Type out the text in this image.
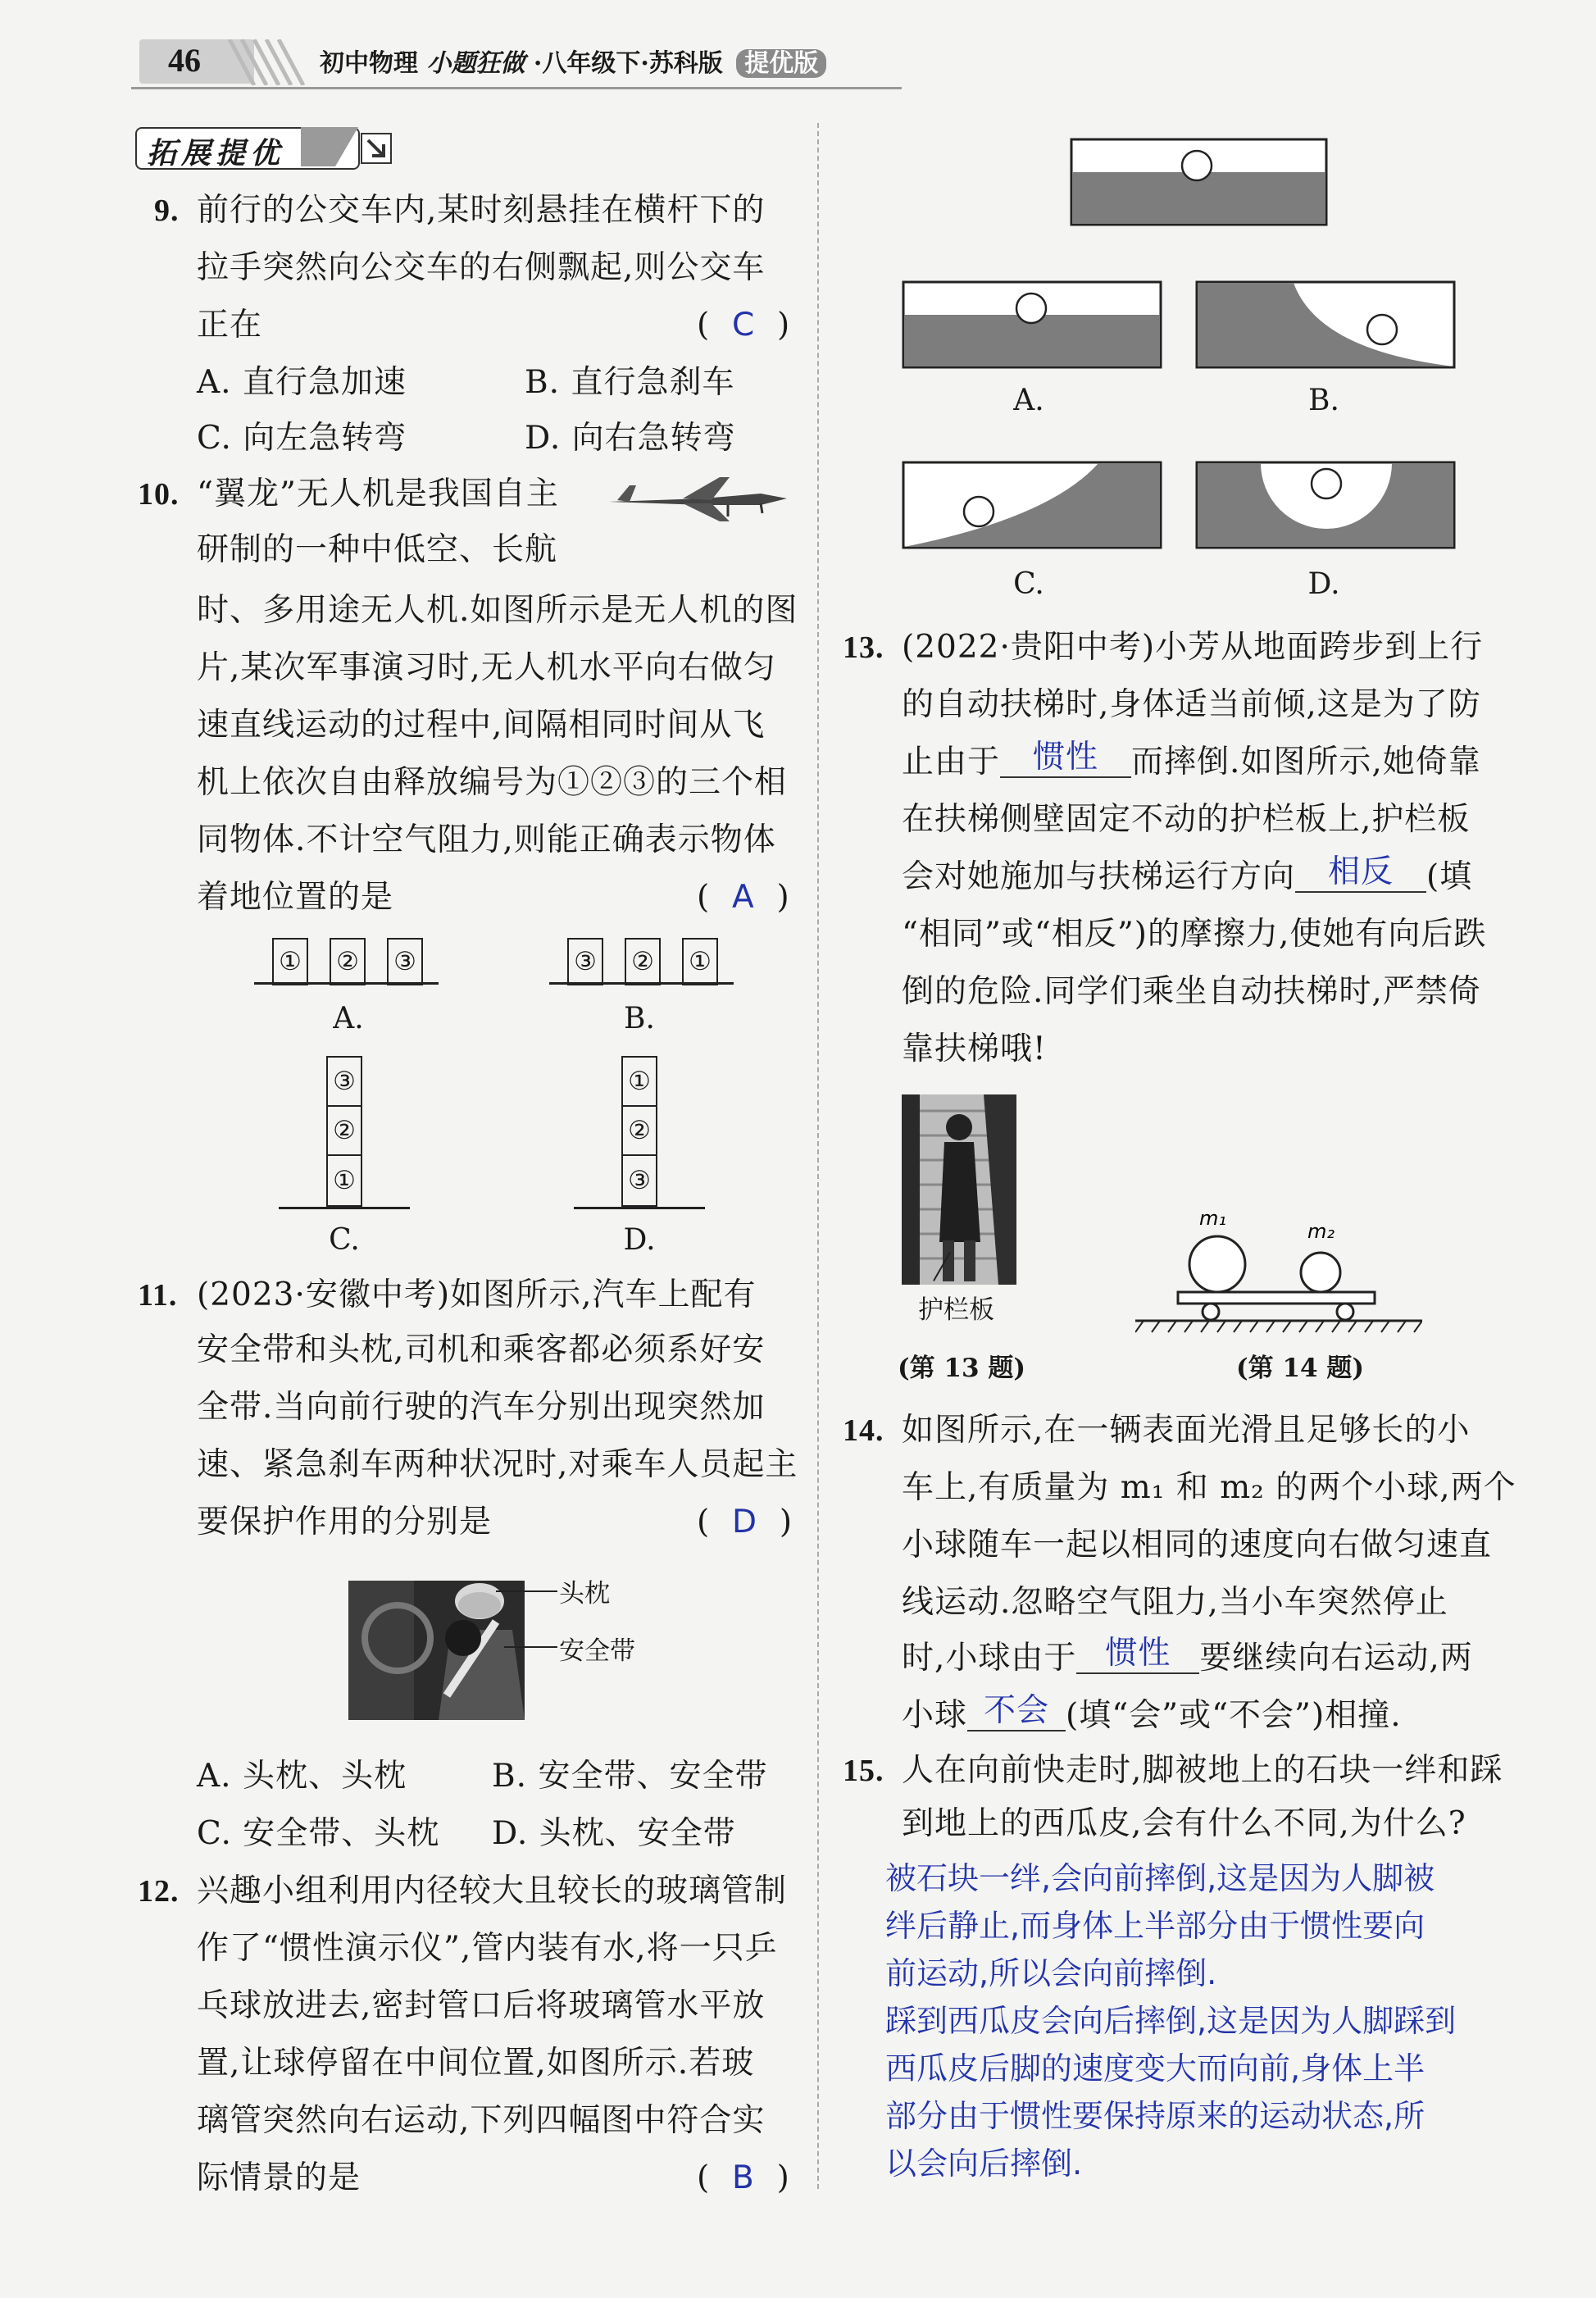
46	初中物理 小题狂做 ·八年级下·苏科版 提优版
拓展提优
9. 前行的公交车内,某时刻悬挂在横杆下的
拉手突然向公交车的右侧飘起,则公交车
正在	(  C  )
A. 直行急加速	B. 直行急刹车
C. 向左急转弯	D. 向右急转弯
10. “翼龙”无人机是我国自主
研制的一种中低空、长航
时、多用途无人机.如图所示是无人机的图
片,某次军事演习时,无人机水平向右做匀
速直线运动的过程中,间隔相同时间从飞
机上依次自由释放编号为①②③的三个相
同物体.不计空气阻力,则能正确表示物体
着地位置的是	(  A  )
① ② ③
A.
③ ② ①
B.
③
②
①
C.
①
②
③
D.
11. (2023·安徽中考)如图所示,汽车上配有
安全带和头枕,司机和乘客都必须系好安
全带.当向前行驶的汽车分别出现突然加
速、紧急刹车两种状况时,对乘车人员起主
要保护作用的分别是	(  D  )
头枕
安全带
A. 头枕、头枕	B. 安全带、安全带
C. 安全带、头枕 D. 头枕、安全带
12. 兴趣小组利用内径较大且较长的玻璃管制
作了“惯性演示仪”,管内装有水,将一只乒
乓球放进去,密封管口后将玻璃管水平放
置,让球停留在中间位置,如图所示.若玻
璃管突然向右运动,下列四幅图中符合实
际情景的是	(  B  )
A.	B.
C.	D.
13. (2022·贵阳中考)小芳从地面跨步到上行
的自动扶梯时,身体适当前倾,这是为了防
止由于 惯性 而摔倒.如图所示,她倚靠
在扶梯侧壁固定不动的护栏板上,护栏板
会对她施加与扶梯运行方向 相反 (填
“相同”或“相反”)的摩擦力,使她有向后跌
倒的危险.同学们乘坐自动扶梯时,严禁倚
靠扶梯哦!
护栏板
(第 13 题)
m₁
m₂
(第 14 题)
14. 如图所示,在一辆表面光滑且足够长的小
车上,有质量为 m₁ 和 m₂ 的两个小球,两个
小球随车一起以相同的速度向右做匀速直
线运动.忽略空气阻力,当小车突然停止
时,小球由于 惯性 要继续向右运动,两
小球 不会 (填“会”或“不会”)相撞.
15. 人在向前快走时,脚被地上的石块一绊和踩
到地上的西瓜皮,会有什么不同,为什么?
被石块一绊,会向前摔倒,这是因为人脚被
绊后静止,而身体上半部分由于惯性要向
前运动,所以会向前摔倒.
踩到西瓜皮会向后摔倒,这是因为人脚踩到
西瓜皮后脚的速度变大而向前,身体上半
部分由于惯性要保持原来的运动状态,所
以会向后摔倒.
